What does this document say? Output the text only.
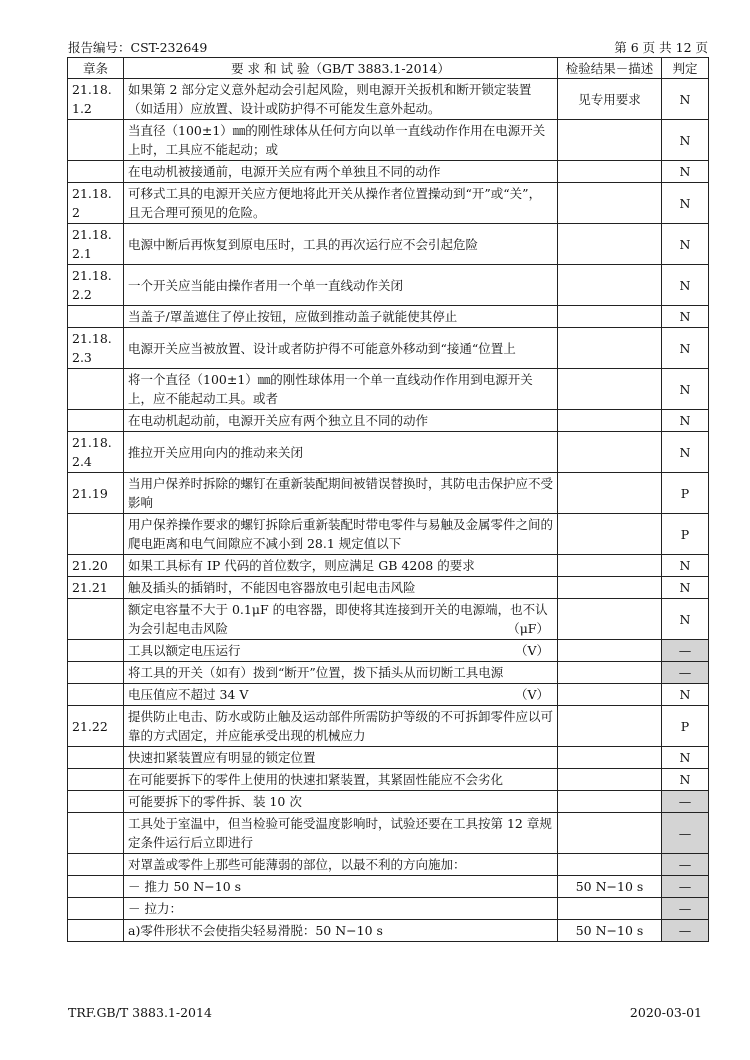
报告编号：CST-232649	第 6 页 共 12 页
章条	要 求 和 试 验（GB/T 3883.1-2014）	检验结果－描述	判定
21.18.1.2	如果第 2 部分定义意外起动会引起风险，则电源开关扳机和断开锁定装置（如适用）应放置、设计或防护得不可能发生意外起动。	见专用要求	N
	当直径（100±1）㎜的刚性球体从任何方向以单一直线动作作用在电源开关上时，工具应不能起动；或		N
	在电动机被接通前，电源开关应有两个单独且不同的动作		N
21.18.2	可移式工具的电源开关应方便地将此开关从操作者位置操动到“开”或“关”，且无合理可预见的危险。		N
21.18.2.1	电源中断后再恢复到原电压时，工具的再次运行应不会引起危险		N
21.18.2.2	一个开关应当能由操作者用一个单一直线动作关闭		N
	当盖子/罩盖遮住了停止按钮，应做到推动盖子就能使其停止		N
21.18.2.3	电源开关应当被放置、设计或者防护得不可能意外移动到“接通“位置上		N
	将一个直径（100±1）㎜的刚性球体用一个单一直线动作作用到电源开关上，应不能起动工具。或者		N
	在电动机起动前，电源开关应有两个独立且不同的动作		N
21.18.2.4	推拉开关应用向内的推动来关闭		N
21.19	当用户保养时拆除的螺钉在重新装配期间被错误替换时，其防电击保护应不受影响		P
	用户保养操作要求的螺钉拆除后重新装配时带电零件与易触及金属零件之间的爬电距离和电气间隙应不减小到 28.1 规定值以下		P
21.20	如果工具标有 IP 代码的首位数字，则应满足 GB 4208 的要求		N
21.21	触及插头的插销时，不能因电容器放电引起电击风险		N
	额定电容量不大于 0.1μF 的电容器，即使将其连接到开关的电源端，也不认为会引起电击风险 （μF）		N
	工具以额定电压运行 （V）		—
	将工具的开关（如有）拨到“断开”位置，拨下插头从而切断工具电源		—
	电压值应不超过 34 V （V）		N
21.22	提供防止电击、防水或防止触及运动部件所需防护等级的不可拆卸零件应以可靠的方式固定，并应能承受出现的机械应力		P
	快速扣紧装置应有明显的锁定位置		N
	在可能要拆下的零件上使用的快速扣紧装置，其紧固性能应不会劣化		N
	可能要拆下的零件拆、装 10 次		—
	工具处于室温中，但当检验可能受温度影响时，试验还要在工具按第 12 章规定条件运行后立即进行		—
	对罩盖或零件上那些可能薄弱的部位，以最不利的方向施加：		—
	－ 推力 50 N−10 s	50 N−10 s	—
	－ 拉力：		—
	a)零件形状不会使指尖轻易滑脱：50 N−10 s	50 N−10 s	—
TRF.GB/T 3883.1-2014	2020-03-01
